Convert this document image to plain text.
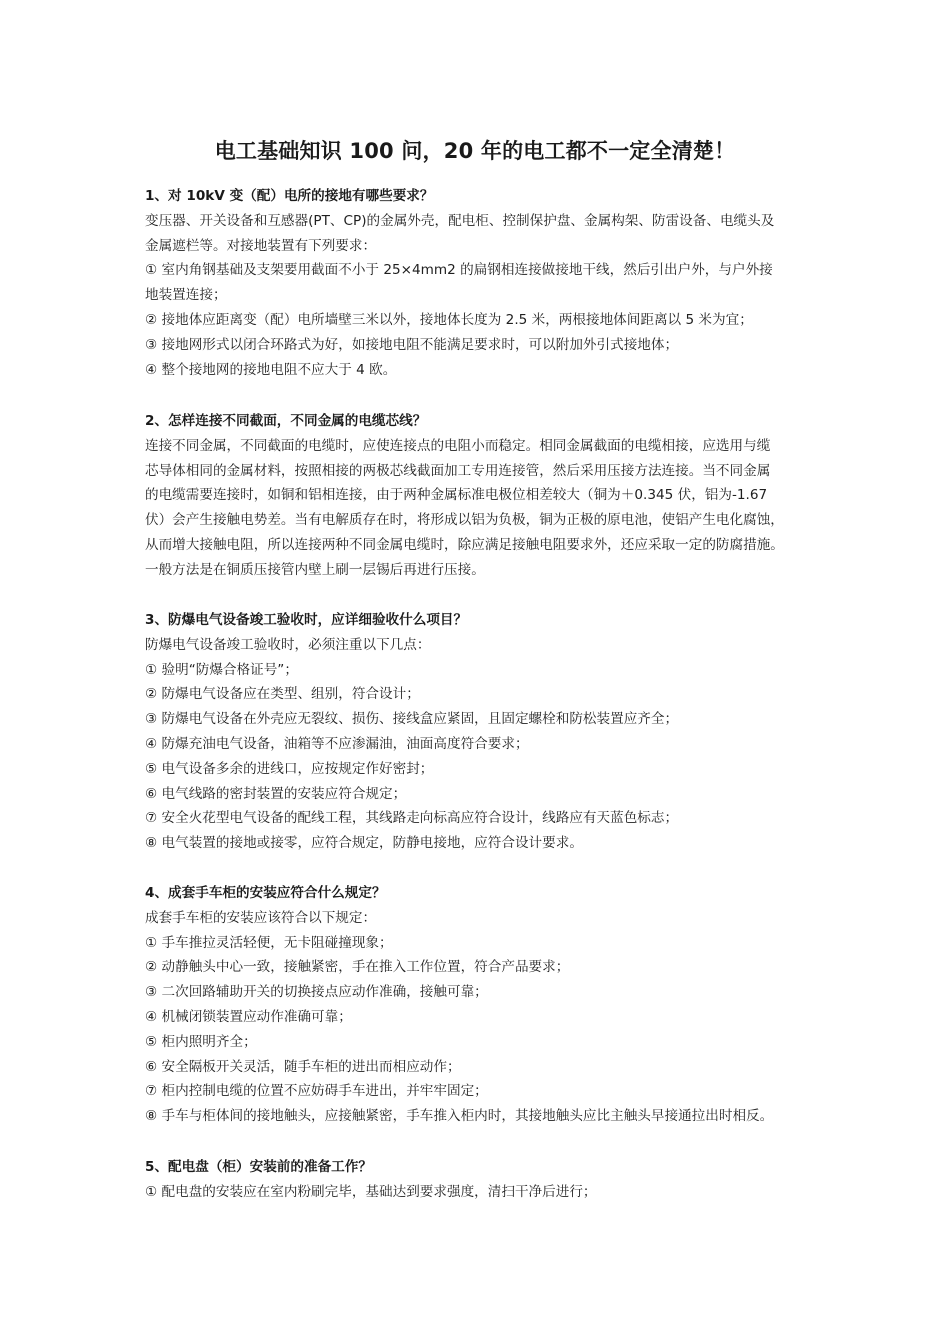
电工基础知识 100 问，20 年的电工都不一定全清楚！
1、对 10kV 变（配）电所的接地有哪些要求？
变压器、开关设备和互感器(PT、CP)的金属外壳，配电柜、控制保护盘、金属构架、防雷设备、电缆头及
金属遮栏等。对接地装置有下列要求：
① 室内角钢基础及支架要用截面不小于 25×4mm2 的扁钢相连接做接地干线，然后引出户外，与户外接
地装置连接；
② 接地体应距离变（配）电所墙壁三米以外，接地体长度为 2.5 米，两根接地体间距离以 5 米为宜；
③ 接地网形式以闭合环路式为好，如接地电阻不能满足要求时，可以附加外引式接地体；
④ 整个接地网的接地电阻不应大于 4 欧。
2、怎样连接不同截面，不同金属的电缆芯线？
连接不同金属，不同截面的电缆时，应使连接点的电阻小而稳定。相同金属截面的电缆相接，应选用与缆
芯导体相同的金属材料，按照相接的两极芯线截面加工专用连接管，然后采用压接方法连接。当不同金属
的电缆需要连接时，如铜和铝相连接，由于两种金属标准电极位相差较大（铜为＋0.345 伏，铝为-1.67
伏）会产生接触电势差。当有电解质存在时，将形成以铝为负极，铜为正极的原电池，使铝产生电化腐蚀，
从而增大接触电阻，所以连接两种不同金属电缆时，除应满足接触电阻要求外，还应采取一定的防腐措施。
一般方法是在铜质压接管内壁上刷一层锡后再进行压接。
3、防爆电气设备竣工验收时，应详细验收什么项目？
防爆电气设备竣工验收时，必须注重以下几点：
① 验明“防爆合格证号”；
② 防爆电气设备应在类型、组别，符合设计；
③ 防爆电气设备在外壳应无裂纹、损伤、接线盒应紧固，且固定螺栓和防松装置应齐全；
④ 防爆充油电气设备，油箱等不应渗漏油，油面高度符合要求；
⑤ 电气设备多余的进线口，应按规定作好密封；
⑥ 电气线路的密封装置的安装应符合规定；
⑦ 安全火花型电气设备的配线工程，其线路走向标高应符合设计，线路应有天蓝色标志；
⑧ 电气装置的接地或接零，应符合规定，防静电接地，应符合设计要求。
4、成套手车柜的安装应符合什么规定？
成套手车柜的安装应该符合以下规定：
① 手车推拉灵活轻便，无卡阻碰撞现象；
② 动静触头中心一致，接触紧密，手在推入工作位置，符合产品要求；
③ 二次回路辅助开关的切换接点应动作准确，接触可靠；
④ 机械闭锁装置应动作准确可靠；
⑤ 柜内照明齐全；
⑥ 安全隔板开关灵活，随手车柜的进出而相应动作；
⑦ 柜内控制电缆的位置不应妨碍手车进出，并牢牢固定；
⑧ 手车与柜体间的接地触头，应接触紧密，手车推入柜内时，其接地触头应比主触头早接通拉出时相反。
5、配电盘（柜）安装前的准备工作？
① 配电盘的安装应在室内粉刷完毕，基础达到要求强度，清扫干净后进行；
